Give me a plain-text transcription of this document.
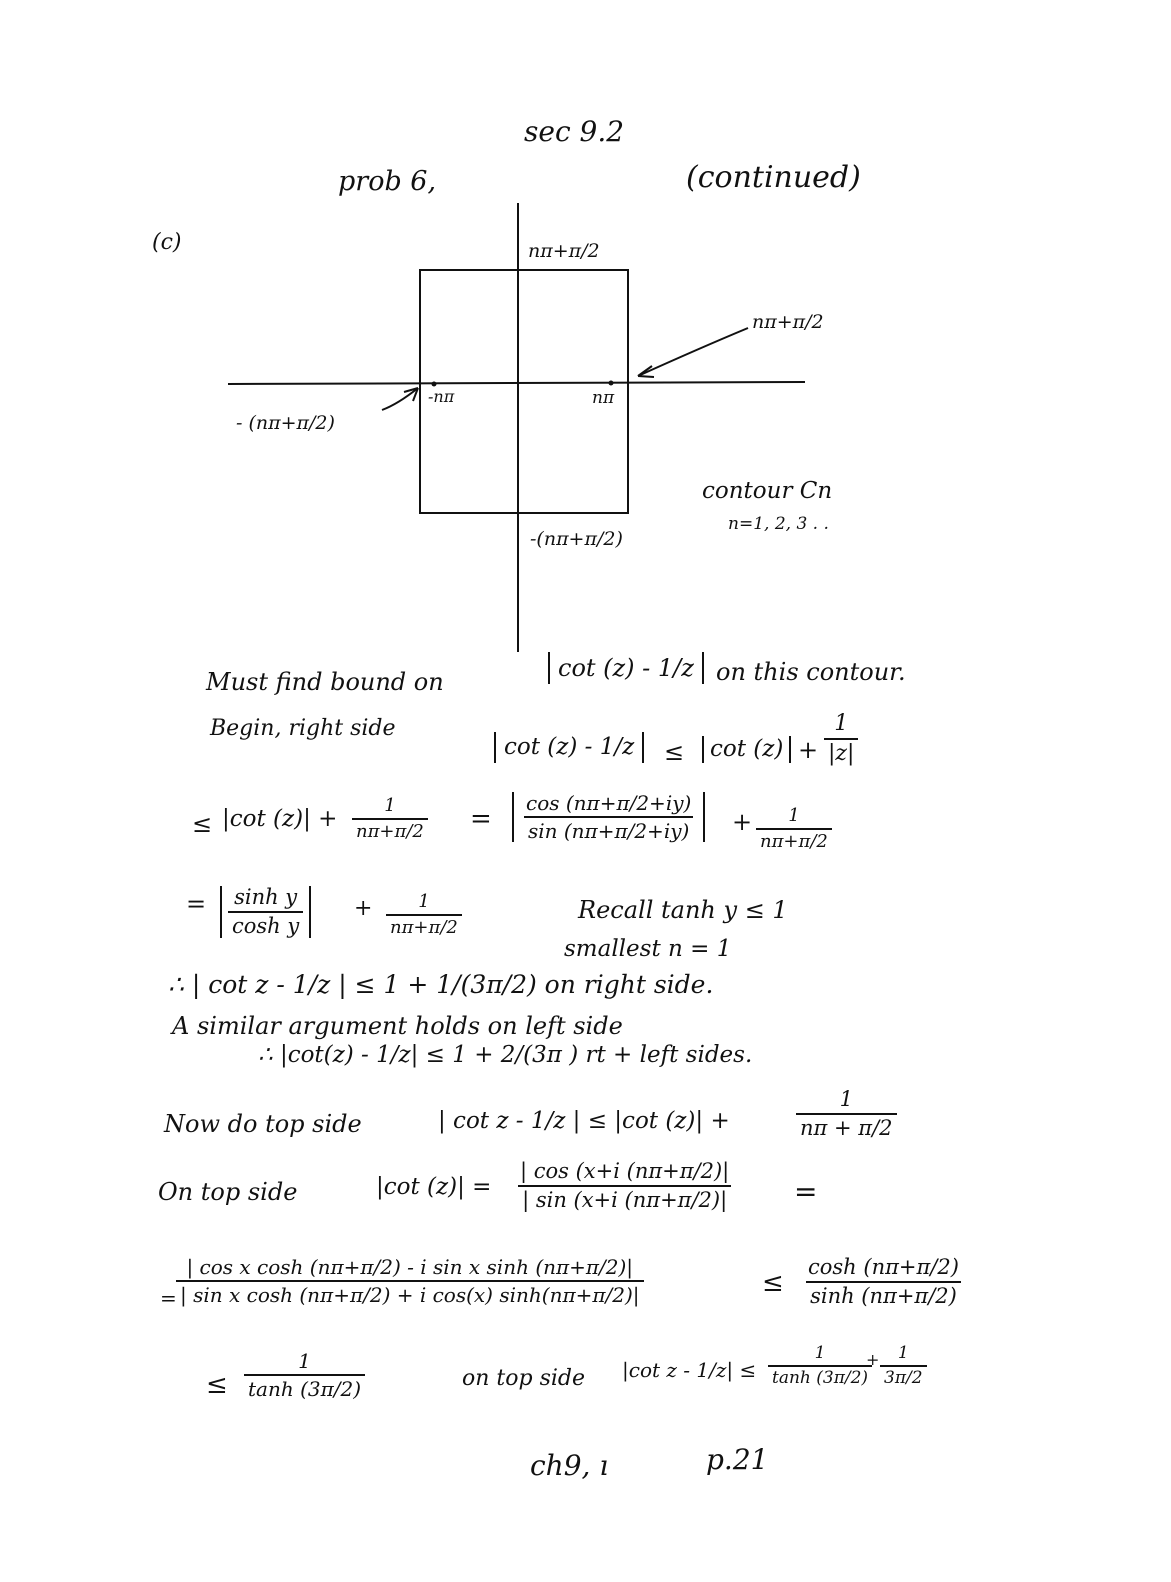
sec 9.2
prob 6,	(continued)
(c)	nπ+π/2
nπ+π/2
- (nπ+π/2)
-nπ	nπ
-(nπ+π/2)
contour Cn
n=1, 2, 3 . .
Must find bound on	cot (z) - 1/z on this contour.
Begin, right side
cot (z) - 1/z	≤	$\cot (z) + \frac{1}{|z|}$
≤ |cot $(z)| + \frac{1}{n\pi+\pi/2} = \frac{\cos (n\pi+\pi/2+iy)}{\sin (n\pi+\pi/2+iy)} + \frac{1}{n\pi+\pi/2}$
= $\frac{\text{sinh y}}{\text{cosh y}} + \frac{1}{n\pi+\pi/2}$	Recall tanh y ≤ 1
smallest n = 1
∴ | cot z - 1/z | ≤ 1 + 1/(3π/2) on right side.
A similar argument holds on left side
∴ |cot(z) - 1/z| ≤ 1 + 2/(3π ) rt + left sides.
Now do top side	| cot z - 1/z | ≤ |cot (z)| +	$\frac{1}{n\pi + \pi/2}$
On top side	|cot $(z)| = \frac{| \cos (x+i (n\pi+\pi/2)|}{| \sin (x+i (n\pi+\pi/2)|}$ =
= $\frac{\text{| cos x cosh (nπ+π/2) - i sin x sinh (nπ+π/2)|}}{\text{| sin x cosh (nπ+π/2) + i cos(x) sinh(nπ+π/2)|}}$	≤ $\frac{\cosh (n\pi+\pi/2)}{\sinh (n\pi+\pi/2)}$
≤ $\frac{1}{\tanh (3\pi/2)}$	on top side |cot $z - 1/z| \le \frac{1}{\tanh (3\pi/2)}$
+ $\frac{1}{3\pi/2}$
ch9, ı	p.21
